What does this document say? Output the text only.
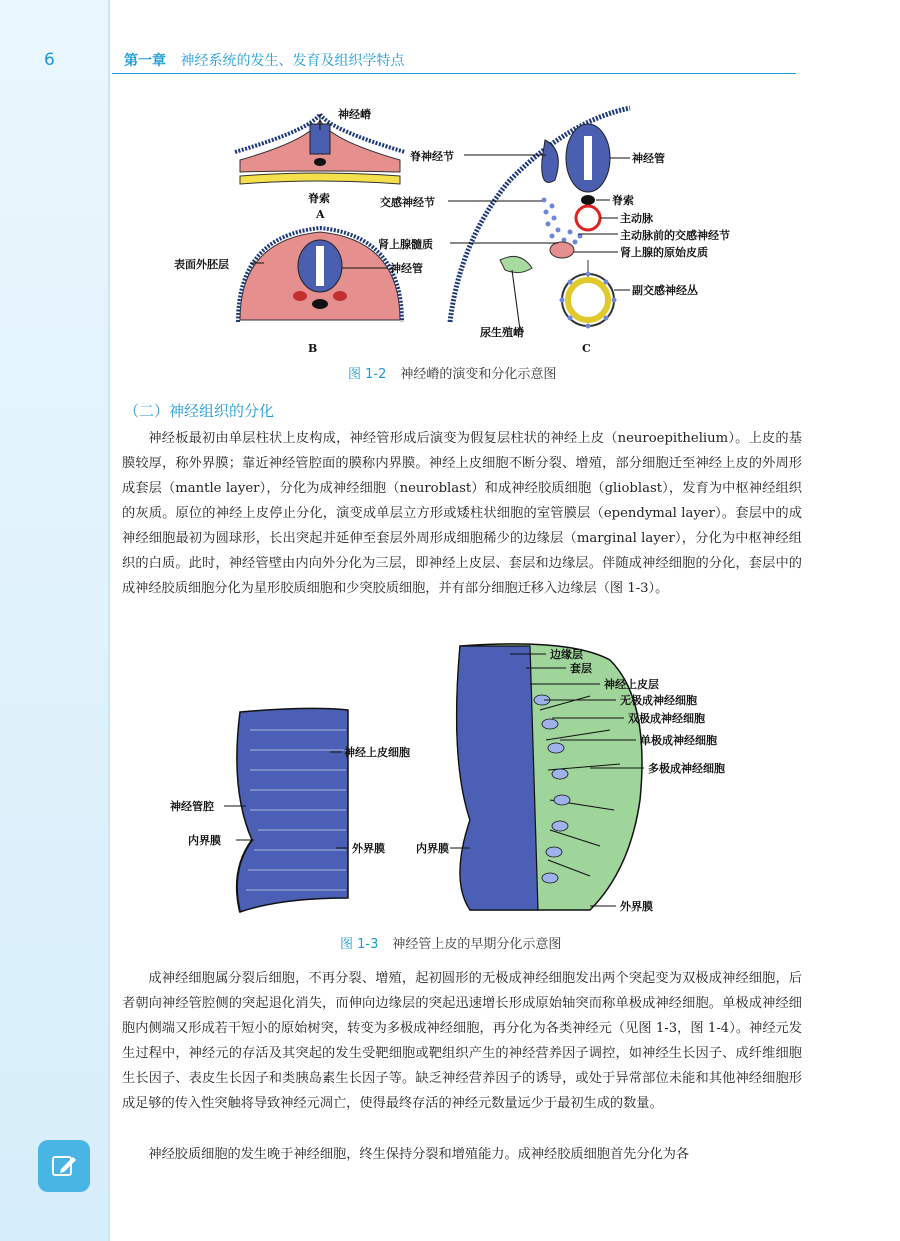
6	第一章 神经系统的发生、发育及组织学特点
神经嵴
脊索
A
表面外胚层	神经管
B
脊神经节	神经管
脊索
交感神经节
主动脉
主动脉前的交感神经节
肾上腺髓质
肾上腺的原始皮质
副交感神经丛
尿生殖嵴
C
图 1-2 神经嵴的演变和分化示意图
（二）神经组织的分化

神经板最初由单层柱状上皮构成，神经管形成后演变为假复层柱状的神经上皮（neuroepithelium）。上皮的基膜较厚，称外界膜；靠近神经管腔面的膜称内界膜。神经上皮细胞不断分裂、增殖，部分细胞迁至神经上皮的外周形成套层（mantle layer），分化为成神经细胞（neuroblast）和成神经胶质细胞（glioblast），发育为中枢神经组织的灰质。原位的神经上皮停止分化，演变成单层立方形或矮柱状细胞的室管膜层（ependymal layer）。套层中的成神经细胞最初为圆球形，长出突起并延伸至套层外周形成细胞稀少的边缘层（marginal layer），分化为中枢神经组织的白质。此时，神经管壁由内向外分化为三层，即神经上皮层、套层和边缘层。伴随成神经细胞的分化，套层中的成神经胶质细胞分化为星形胶质细胞和少突胶质细胞，并有部分细胞迁移入边缘层（图 1-3）。

神经上皮细胞
神经管腔
内界膜
外界膜
边缘层
套层
神经上皮层
无极成神经细胞
双极成神经细胞
单极成神经细胞
多极成神经细胞
内界膜
外界膜
图 1-3 神经管上皮的早期分化示意图

成神经细胞属分裂后细胞，不再分裂、增殖，起初圆形的无极成神经细胞发出两个突起变为双极成神经细胞，后者朝向神经管腔侧的突起退化消失，而伸向边缘层的突起迅速增长形成原始轴突而称单极成神经细胞。单极成神经细胞内侧端又形成若干短小的原始树突，转变为多极成神经细胞，再分化为各类神经元（见图 1-3，图 1-4）。神经元发生过程中，神经元的存活及其突起的发生受靶细胞或靶组织产生的神经营养因子调控，如神经生长因子、成纤维细胞生长因子、表皮生长因子和类胰岛素生长因子等。缺乏神经营养因子的诱导，或处于异常部位未能和其他神经细胞形成足够的传入性突触将导致神经元凋亡，使得最终存活的神经元数量远少于最初生成的数量。

神经胶质细胞的发生晚于神经细胞，终生保持分裂和增殖能力。成神经胶质细胞首先分化为各
